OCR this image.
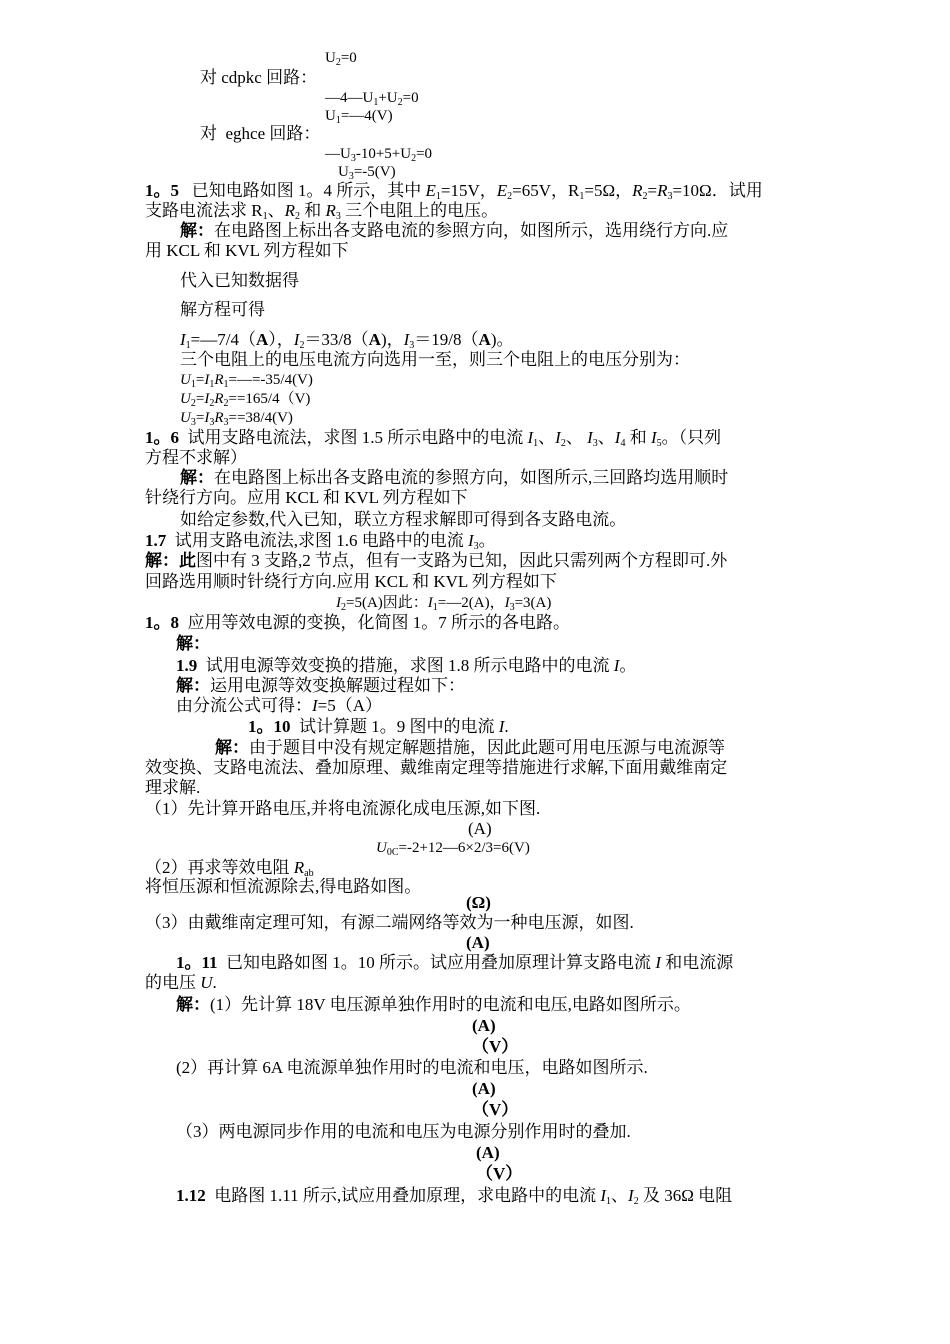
$U_2=0$
对 cdpkc 回路：
$—4—U_1+U_2=0$
$U_1=—4(V)$
对  eghce 回路：
$—U_3-10+5+U_2=0$
$U_3=-5(V)$
1。5   已知电路如图 1。4 所示，其中 $E_1=15V$，$E_2=65V$，$R_1=5\Omega$，$R_2=R_3=10\Omega$．试用
支路电流法求 $R_1$、$R_2$ 和 $R_3$ 三个电阻上的电压。
解：在电路图上标出各支路电流的参照方向，如图所示，选用绕行方向.应
用 KCL 和 KVL 列方程如下
代入已知数据得
解方程可得
$I_1=—7/4(A)$，$I_2=33/8(A)$，$I_3=19/8(A)$。
三个电阻上的电压电流方向选用一至，则三个电阻上的电压分别为：
$U_1=I_1R_1=—=-35/4(V)$
$U_2=I_2R_2==165/4(V)$
$U_3=I_3R_3==38/4(V)$
1。6  试用支路电流法，求图 1.5 所示电路中的电流 $I_1$、$I_2$、 $I_3$、$I_4$ 和 $I_5$。（只列
方程不求解）
解：在电路图上标出各支路电流的参照方向，如图所示,三回路均选用顺时
针绕行方向。应用 KCL 和 KVL 列方程如下
如给定参数,代入已知，联立方程求解即可得到各支路电流。
1.7  试用支路电流法,求图 1.6 电路中的电流 $I_3$。
解：此图中有 3 支路,2 节点，但有一支路为已知，因此只需列两个方程即可.外
回路选用顺时针绕行方向.应用 KCL 和 KVL 列方程如下
$I_2=5(A)$因此：$I_1=—2(A)$，$I_3=3(A)$
1。8  应用等效电源的变换，化简图 1。7 所示的各电路。
解：
1.9  试用电源等效变换的措施，求图 1.8 所示电路中的电流 I。
解：运用电源等效变换解题过程如下：
由分流公式可得：I=5（A）
1。10  试计算题 1。9 图中的电流 I.
解：由于题目中没有规定解题措施，因此此题可用电压源与电流源等
效变换、支路电流法、叠加原理、戴维南定理等措施进行求解,下面用戴维南定
理求解.
（1）先计算开路电压,并将电流源化成电压源,如下图.
(A)
$U_{0C}=-2+12—6\times 2/3=6(V)$
（2）再求等效电阻 $R_{ab}$
将恒压源和恒流源除去,得电路如图。
(Ω)
（3）由戴维南定理可知，有源二端网络等效为一种电压源，如图.
(A)
1。11  已知电路如图 1。10 所示。试应用叠加原理计算支路电流 I 和电流源
的电压 U.
解：(1）先计算 18V 电压源单独作用时的电流和电压,电路如图所示。
(A)
（V）
(2）再计算 6A 电流源单独作用时的电流和电压，电路如图所示.
(A)
（V）
（3）两电源同步作用的电流和电压为电源分别作用时的叠加.
(A)
（V）
1.12  电路图 1.11 所示,试应用叠加原理，求电路中的电流 $I_1$、$I_2$ 及 36Ω 电阻
